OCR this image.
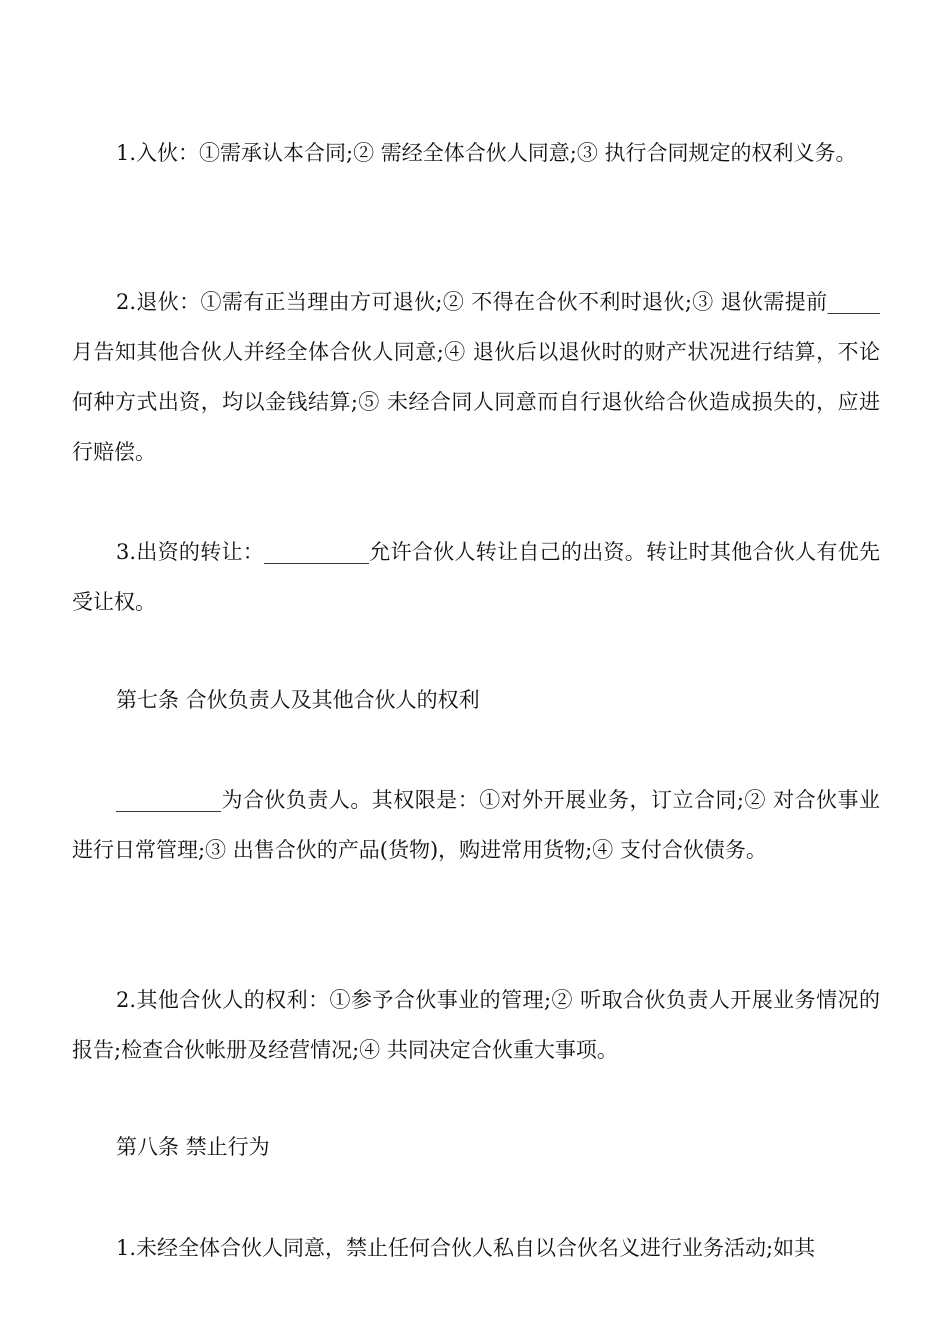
1.入伙：①需承认本合同;② 需经全体合伙人同意;③ 执行合同规定的权利义务。

2.退伙：①需有正当理由方可退伙;② 不得在合伙不利时退伙;③ 退伙需提前_____月告知其他合伙人并经全体合伙人同意;④ 退伙后以退伙时的财产状况进行结算，不论何种方式出资，均以金钱结算;⑤ 未经合同人同意而自行退伙给合伙造成损失的，应进行赔偿。

3.出资的转让：__________允许合伙人转让自己的出资。转让时其他合伙人有优先受让权。

第七条 合伙负责人及其他合伙人的权利

__________为合伙负责人。其权限是：①对外开展业务，订立合同;② 对合伙事业进行日常管理;③ 出售合伙的产品(货物)，购进常用货物;④ 支付合伙债务。

2.其他合伙人的权利：①参予合伙事业的管理;② 听取合伙负责人开展业务情况的报告;检查合伙帐册及经营情况;④ 共同决定合伙重大事项。

第八条 禁止行为

1.未经全体合伙人同意，禁止任何合伙人私自以合伙名义进行业务活动;如其
